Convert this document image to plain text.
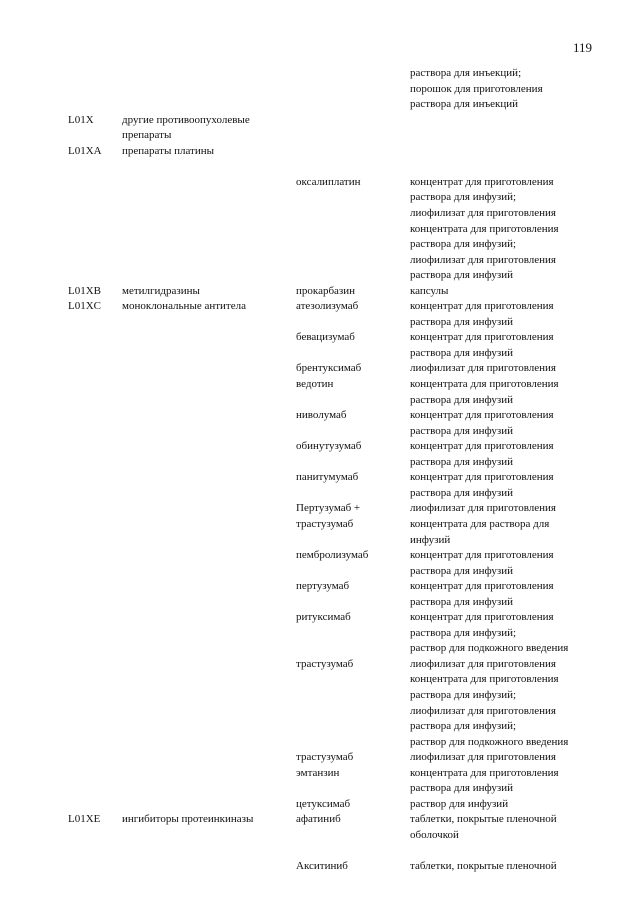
119
раствора для инъекций;
порошок для приготовления
раствора для инъекций
L01X	другие противоопухолевые
препараты
L01XA препараты платины
оксалиплатин	концентрат для приготовления
раствора для инфузий;
лиофилизат для приготовления
концентрата для приготовления
раствора для инфузий;
лиофилизат для приготовления
раствора для инфузий
L01XB метилгидразины	прокарбазин	капсулы
L01XC моноклональные антитела	атезолизумаб	концентрат для приготовления
раствора для инфузий
бевацизумаб	концентрат для приготовления
раствора для инфузий
брентуксимаб	лиофилизат для приготовления
ведотин	концентрата для приготовления
раствора для инфузий
ниволумаб	концентрат для приготовления
раствора для инфузий
обинутузумаб	концентрат для приготовления
раствора для инфузий
панитумумаб	концентрат для приготовления
раствора для инфузий
Пертузумаб +	лиофилизат для приготовления
трастузумаб	концентрата для раствора для
инфузий
пембролизумаб	концентрат для приготовления
раствора для инфузий
пертузумаб	концентрат для приготовления
раствора для инфузий
ритуксимаб	концентрат для приготовления
раствора для инфузий;
раствор для подкожного введения
трастузумаб	лиофилизат для приготовления
концентрата для приготовления
раствора для инфузий;
лиофилизат для приготовления
раствора для инфузий;
раствор для подкожного введения
трастузумаб	лиофилизат для приготовления
эмтанзин	концентрата для приготовления
раствора для инфузий
цетуксимаб	раствор для инфузий
L01XE ингибиторы протеинкиназы	афатиниб	таблетки, покрытые пленочной
оболочкой
Акситиниб	таблетки, покрытые пленочной
